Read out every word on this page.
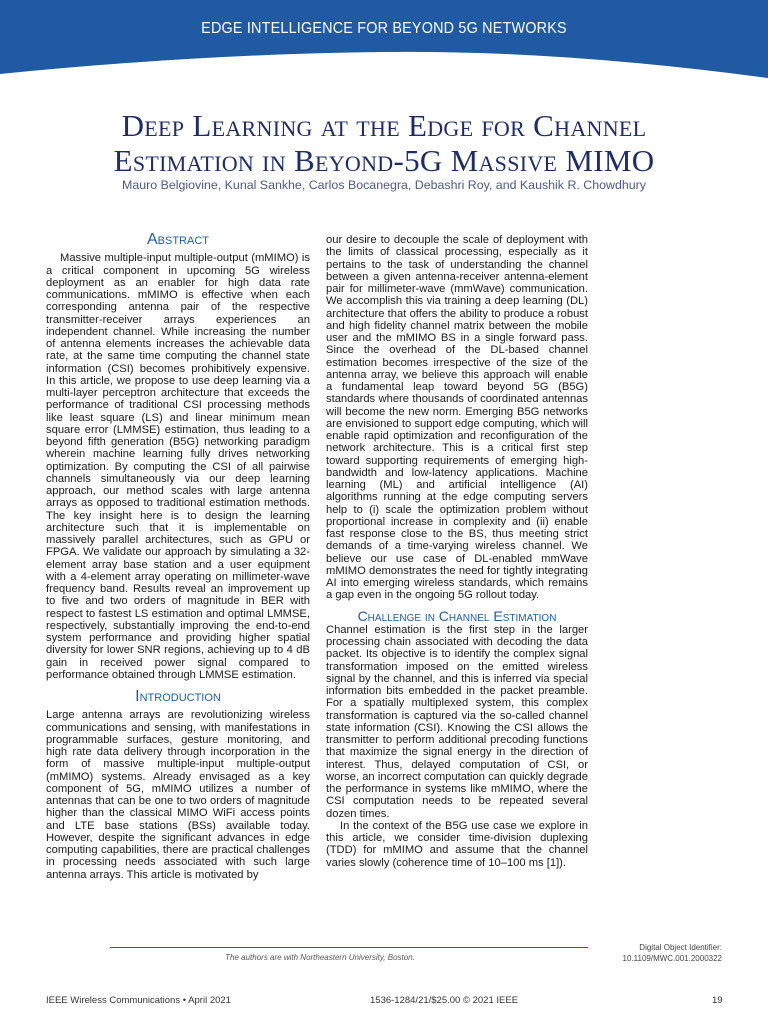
EDGE INTELLIGENCE FOR BEYOND 5G NETWORKS
Deep Learning at the Edge for Channel
Estimation in Beyond-5G Massive MIMO
Mauro Belgiovine, Kunal Sankhe, Carlos Bocanegra, Debashri Roy, and Kaushik R. Chowdhury
Abstract

Massive multiple-input multiple-output (mMIMO) is a critical component in upcoming 5G wireless deployment as an enabler for high data rate communications. mMIMO is effective when each corresponding antenna pair of the respective transmitter-receiver arrays experiences an independent channel. While increasing the number of antenna elements increases the achievable data rate, at the same time computing the channel state information (CSI) becomes prohibitively expensive. In this article, we propose to use deep learning via a multi-layer perceptron architecture that exceeds the performance of traditional CSI processing methods like least square (LS) and linear minimum mean square error (LMMSE) estimation, thus leading to a beyond fifth generation (B5G) networking paradigm wherein machine learning fully drives networking optimization. By computing the CSI of all pairwise channels simultaneously via our deep learning approach, our method scales with large antenna arrays as opposed to traditional estimation methods. The key insight here is to design the learning architecture such that it is implementable on massively parallel architectures, such as GPU or FPGA. We validate our approach by simulating a 32-element array base station and a user equipment with a 4-element array operating on millimeter-wave frequency band. Results reveal an improvement up to five and two orders of magnitude in BER with respect to fastest LS estimation and optimal LMMSE, respectively, substantially improving the end-to-end system performance and providing higher spatial diversity for lower SNR regions, achieving up to 4 dB gain in received power signal compared to performance obtained through LMMSE estimation.

Introduction

Large antenna arrays are revolutionizing wireless communications and sensing, with manifestations in programmable surfaces, gesture monitoring, and high rate data delivery through incorporation in the form of massive multiple-input multiple-output (mMIMO) systems. Already envisaged as a key component of 5G, mMIMO utilizes a number of antennas that can be one to two orders of magnitude higher than the classical MIMO WiFi access points and LTE base stations (BSs) available today. However, despite the significant advances in edge computing capabilities, there are practical challenges in processing needs associated with such large antenna arrays. This article is motivated by

our desire to decouple the scale of deployment with the limits of classical processing, especially as it pertains to the task of understanding the channel between a given antenna-receiver antenna-element pair for millimeter-wave (mmWave) communication. We accomplish this via training a deep learning (DL) architecture that offers the ability to produce a robust and high fidelity channel matrix between the mobile user and the mMIMO BS in a single forward pass. Since the overhead of the DL-based channel estimation becomes irrespective of the size of the antenna array, we believe this approach will enable a fundamental leap toward beyond 5G (B5G) standards where thousands of coordinated antennas will become the new norm. Emerging B5G networks are envisioned to support edge computing, which will enable rapid optimization and reconfiguration of the network architecture. This is a critical first step toward supporting requirements of emerging high-bandwidth and low-latency applications. Machine learning (ML) and artificial intelligence (AI) algorithms running at the edge computing servers help to (i) scale the optimization problem without proportional increase in complexity and (ii) enable fast response close to the BS, thus meeting strict demands of a time-varying wireless channel. We believe our use case of DL-enabled mmWave mMIMO demonstrates the need for tightly integrating AI into emerging wireless standards, which remains a gap even in the ongoing 5G rollout today.

Challenge in Channel Estimation

Channel estimation is the first step in the larger processing chain associated with decoding the data packet. Its objective is to identify the complex signal transformation imposed on the emitted wireless signal by the channel, and this is inferred via special information bits embedded in the packet preamble. For a spatially multiplexed system, this complex transformation is captured via the so-called channel state information (CSI). Knowing the CSI allows the transmitter to perform additional precoding functions that maximize the signal energy in the direction of interest. Thus, delayed computation of CSI, or worse, an incorrect computation can quickly degrade the performance in systems like mMIMO, where the CSI computation needs to be repeated several dozen times.

In the context of the B5G use case we explore in this article, we consider time-division duplexing (TDD) for mMIMO and assume that the channel varies slowly (coherence time of 10–100 ms [1]).

The authors are with Northeastern University, Boston.
Digital Object Identifier:
10.1109/MWC.001.2000322
IEEE Wireless Communications • April 2021	1536-1284/21/$25.00 © 2021 IEEE	19
